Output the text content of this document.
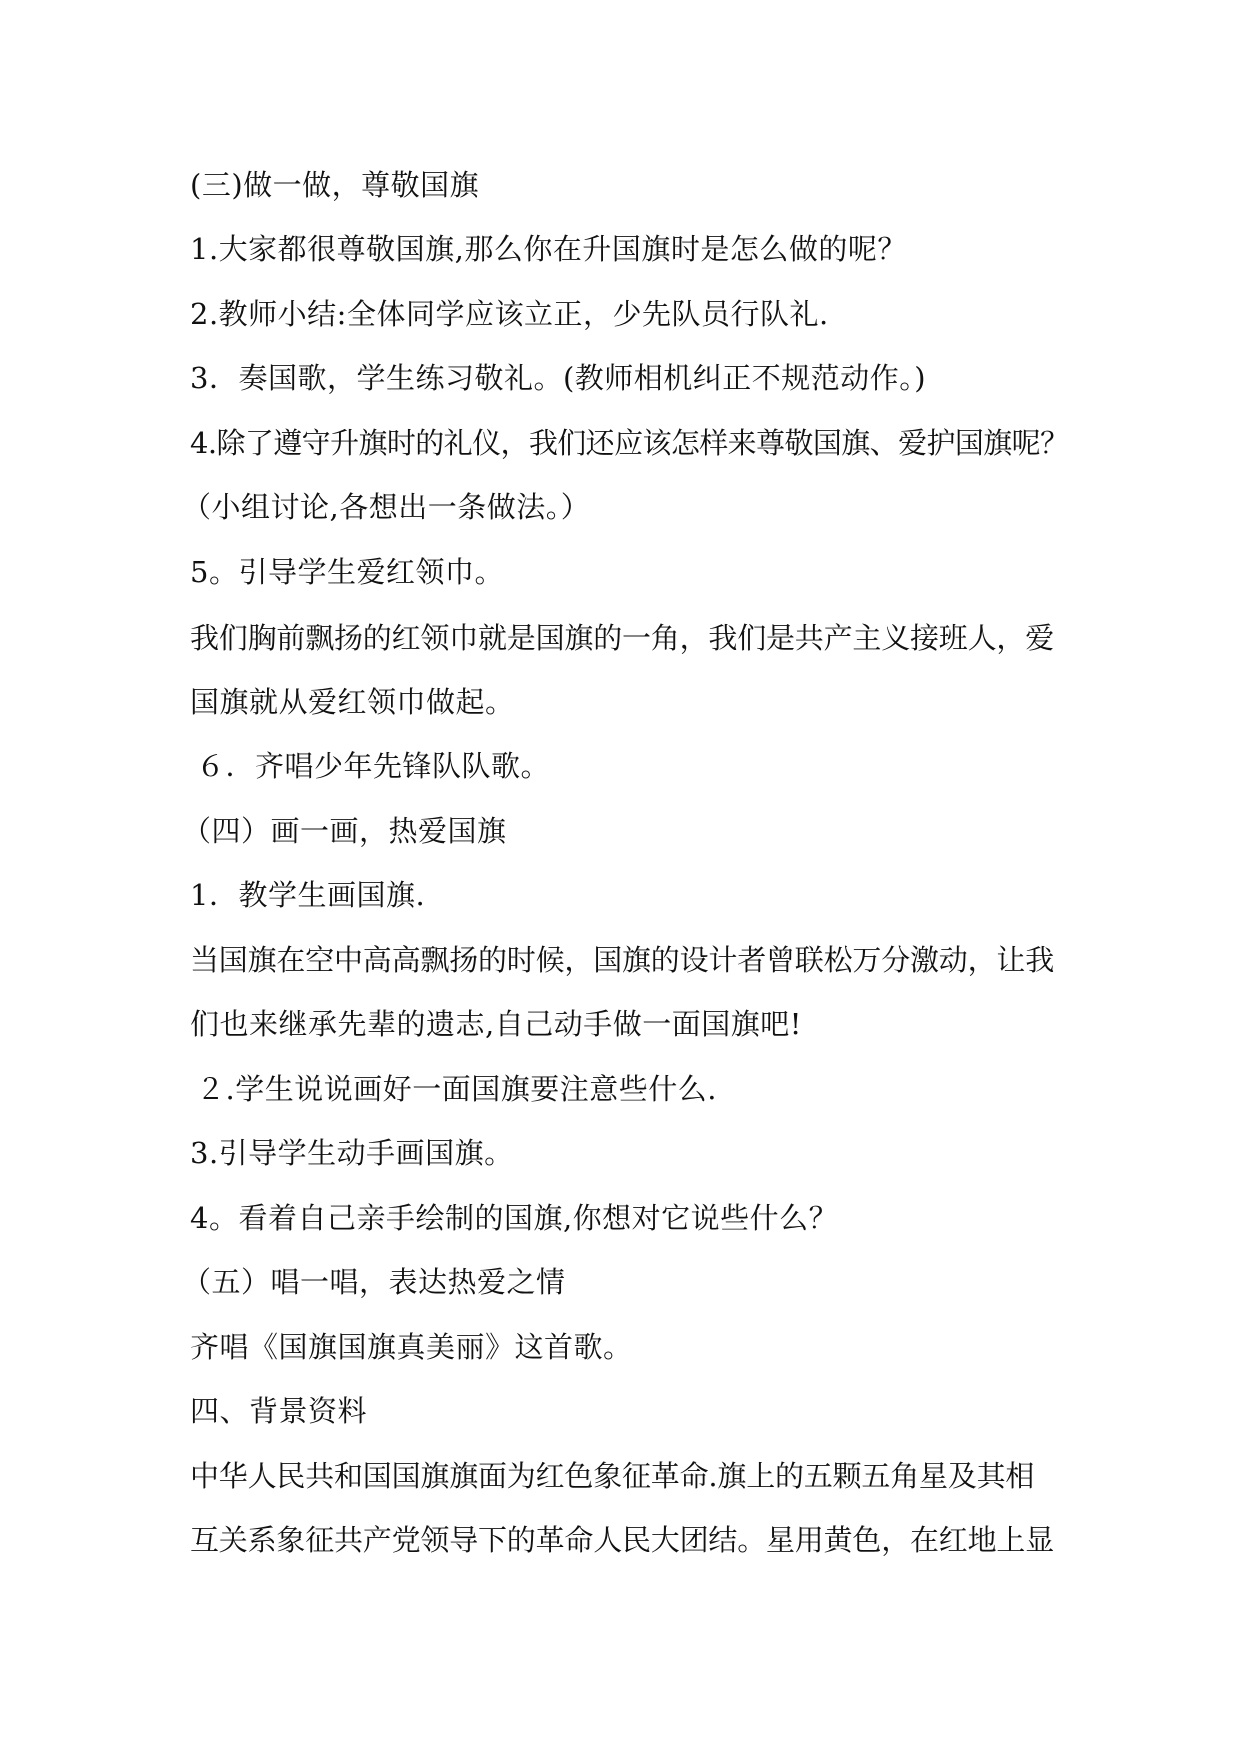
(三)做一做，尊敬国旗
1.大家都很尊敬国旗,那么你在升国旗时是怎么做的呢？
2.教师小结:全体同学应该立正，少先队员行队礼.
3．奏国歌，学生练习敬礼。(教师相机纠正不规范动作。)
4.除了遵守升旗时的礼仪，我们还应该怎样来尊敬国旗、爱护国旗呢？
（小组讨论,各想出一条做法。）
5。引导学生爱红领巾。
我们胸前飘扬的红领巾就是国旗的一角，我们是共产主义接班人，爱
国旗就从爱红领巾做起。
６．齐唱少年先锋队队歌。
（四）画一画，热爱国旗
1．教学生画国旗.
当国旗在空中高高飘扬的时候，国旗的设计者曾联松万分激动，让我
们也来继承先辈的遗志,自己动手做一面国旗吧!
２.学生说说画好一面国旗要注意些什么.
3.引导学生动手画国旗。
4。看着自己亲手绘制的国旗,你想对它说些什么？
（五）唱一唱，表达热爱之情
齐唱《国旗国旗真美丽》这首歌。
四、背景资料
中华人民共和国国旗旗面为红色象征革命.旗上的五颗五角星及其相
互关系象征共产党领导下的革命人民大团结。星用黄色，在红地上显
